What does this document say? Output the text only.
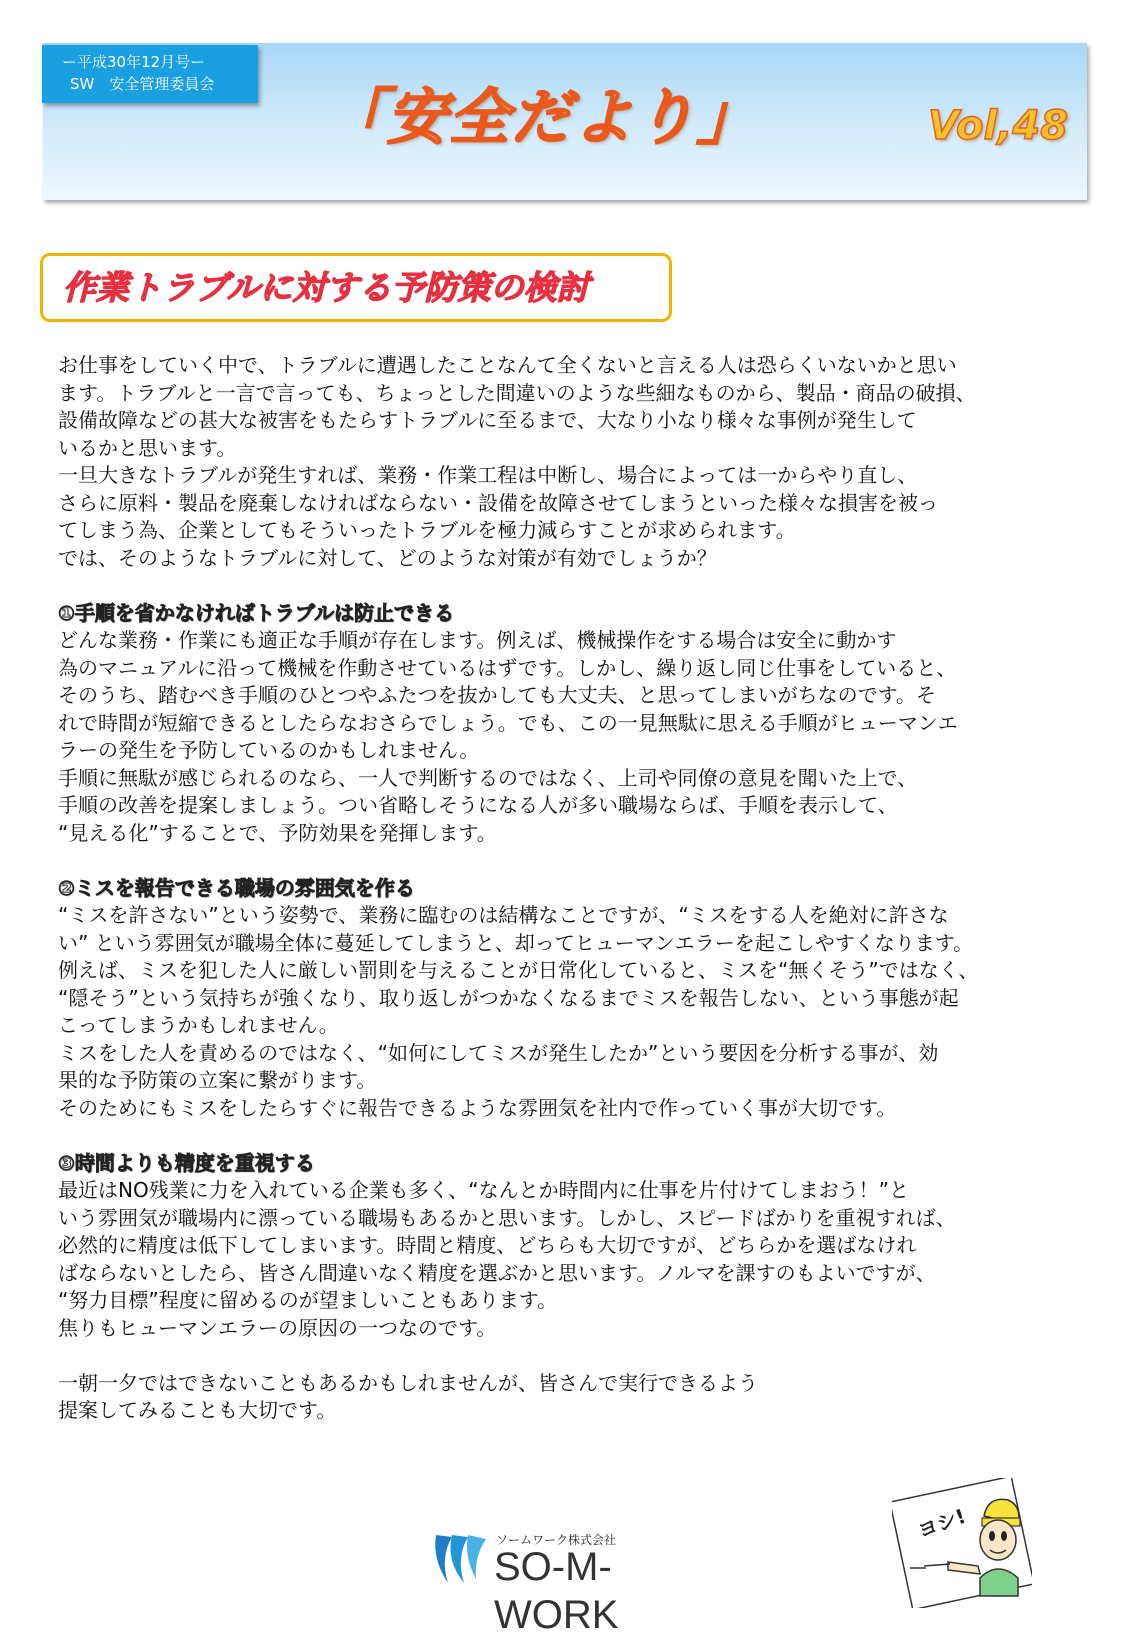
ー平成30年12月号ー
SW　安全管理委員会	「安全だより」	Vol,48
作業トラブルに対する予防策の検討

お仕事をしていく中で、トラブルに遭遇したことなんて全くないと言える人は恐らくいないかと思い

ます。トラブルと一言で言っても、ちょっとした間違いのような些細なものから、製品・商品の破損、

設備故障などの甚大な被害をもたらすトラブルに至るまで、大なり小なり様々な事例が発生して

いるかと思います。

一旦大きなトラブルが発生すれば、業務・作業工程は中断し、場合によっては一からやり直し、

さらに原料・製品を廃棄しなければならない・設備を故障させてしまうといった様々な損害を被っ

てしまう為、企業としてもそういったトラブルを極力減らすことが求められます。

では、そのようなトラブルに対して、どのような対策が有効でしょうか？

①手順を省かなければトラブルは防止できる

どんな業務・作業にも適正な手順が存在します。例えば、機械操作をする場合は安全に動かす

為のマニュアルに沿って機械を作動させているはずです。しかし、繰り返し同じ仕事をしていると、

そのうち、踏むべき手順のひとつやふたつを抜かしても大丈夫、と思ってしまいがちなのです。そ

れで時間が短縮できるとしたらなおさらでしょう。でも、この一見無駄に思える手順がヒューマンエ

ラーの発生を予防しているのかもしれません。

手順に無駄が感じられるのなら、一人で判断するのではなく、上司や同僚の意見を聞いた上で、

手順の改善を提案しましょう。つい省略しそうになる人が多い職場ならば、手順を表示して、

“見える化”することで、予防効果を発揮します。

②ミスを報告できる職場の雰囲気を作る

“ミスを許さない”という姿勢で、業務に臨むのは結構なことですが、“ミスをする人を絶対に許さな

い” という雰囲気が職場全体に蔓延してしまうと、却ってヒューマンエラーを起こしやすくなります。

例えば、ミスを犯した人に厳しい罰則を与えることが日常化していると、ミスを“無くそう”ではなく、

“隠そう”という気持ちが強くなり、取り返しがつかなくなるまでミスを報告しない、という事態が起

こってしまうかもしれません。

ミスをした人を責めるのではなく、“如何にしてミスが発生したか”という要因を分析する事が、効

果的な予防策の立案に繋がります。

そのためにもミスをしたらすぐに報告できるような雰囲気を社内で作っていく事が大切です。

③時間よりも精度を重視する

最近はNO残業に力を入れている企業も多く、“なんとか時間内に仕事を片付けてしまおう！”と

いう雰囲気が職場内に漂っている職場もあるかと思います。しかし、スピードばかりを重視すれば、

必然的に精度は低下してしまいます。時間と精度、どちらも大切ですが、どちらかを選ばなけれ

ばならないとしたら、皆さん間違いなく精度を選ぶかと思います。ノルマを課すのもよいですが、

“努力目標”程度に留めるのが望ましいこともあります。

焦りもヒューマンエラーの原因の一つなのです。

一朝一夕ではできないこともあるかもしれませんが、皆さんで実行できるよう

提案してみることも大切です。

ヨシ!
ソームワーク株式会社
SO-M-WORK
